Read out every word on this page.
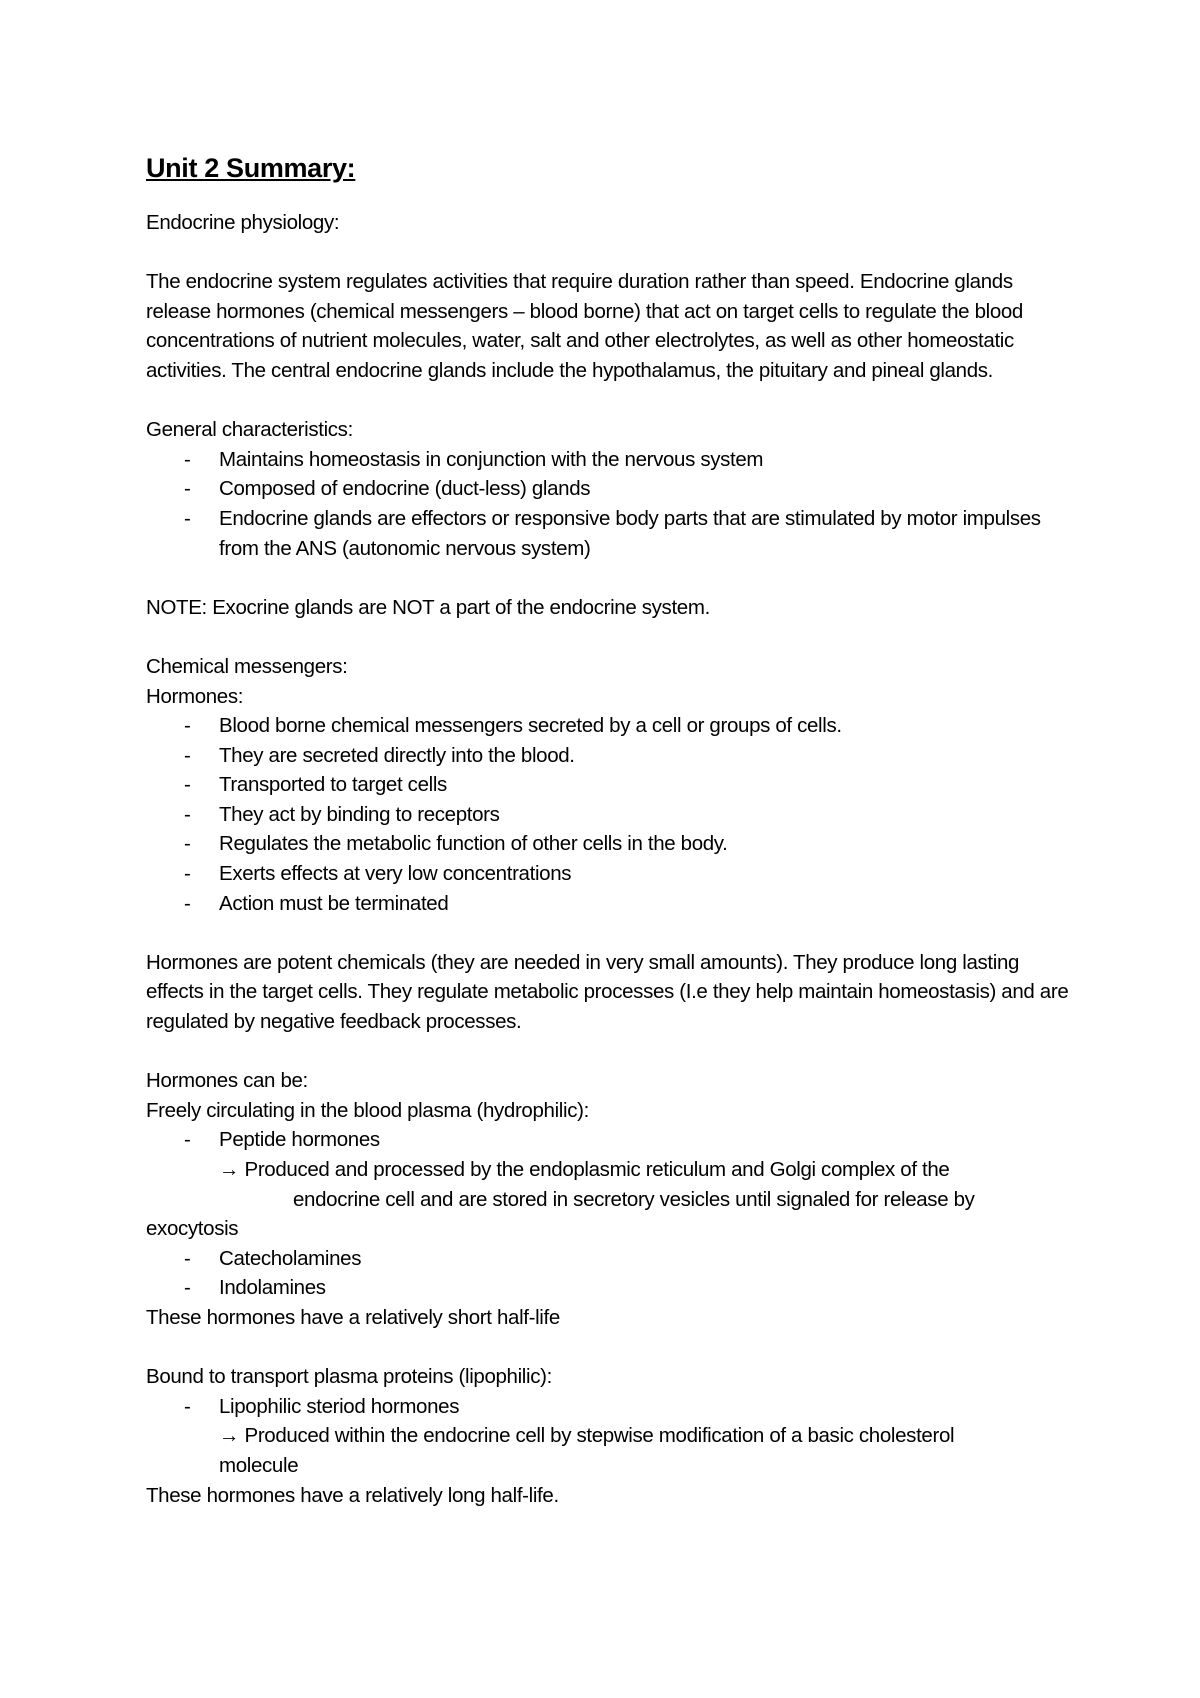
Unit 2 Summary:

Endocrine physiology:

The endocrine system regulates activities that require duration rather than speed. Endocrine glands release hormones (chemical messengers – blood borne) that act on target cells to regulate the blood concentrations of nutrient molecules, water, salt and other electrolytes, as well as other homeostatic activities. The central endocrine glands include the hypothalamus, the pituitary and pineal glands.

General characteristics:

- Maintains homeostasis in conjunction with the nervous system
- Composed of endocrine (duct-less) glands
- Endocrine glands are effectors or responsive body parts that are stimulated by motor impulses from the ANS (autonomic nervous system)

NOTE: Exocrine glands are NOT a part of the endocrine system.

Chemical messengers:

Hormones:

- Blood borne chemical messengers secreted by a cell or groups of cells.
- They are secreted directly into the blood.
- Transported to target cells
- They act by binding to receptors
- Regulates the metabolic function of other cells in the body.
- Exerts effects at very low concentrations
- Action must be terminated

Hormones are potent chemicals (they are needed in very small amounts). They produce long lasting effects in the target cells. They regulate metabolic processes (I.e they help maintain homeostasis) and are regulated by negative feedback processes.

Hormones can be:

Freely circulating in the blood plasma (hydrophilic):

- Peptide hormones

→ Produced and processed by the endoplasmic reticulum and Golgi complex of the

endocrine cell and are stored in secretory vesicles until signaled for release by

exocytosis

- Catecholamines
- Indolamines

These hormones have a relatively short half-life

Bound to transport plasma proteins (lipophilic):

- Lipophilic steriod hormones

→ Produced within the endocrine cell by stepwise modification of a basic cholesterol

molecule

These hormones have a relatively long half-life.
